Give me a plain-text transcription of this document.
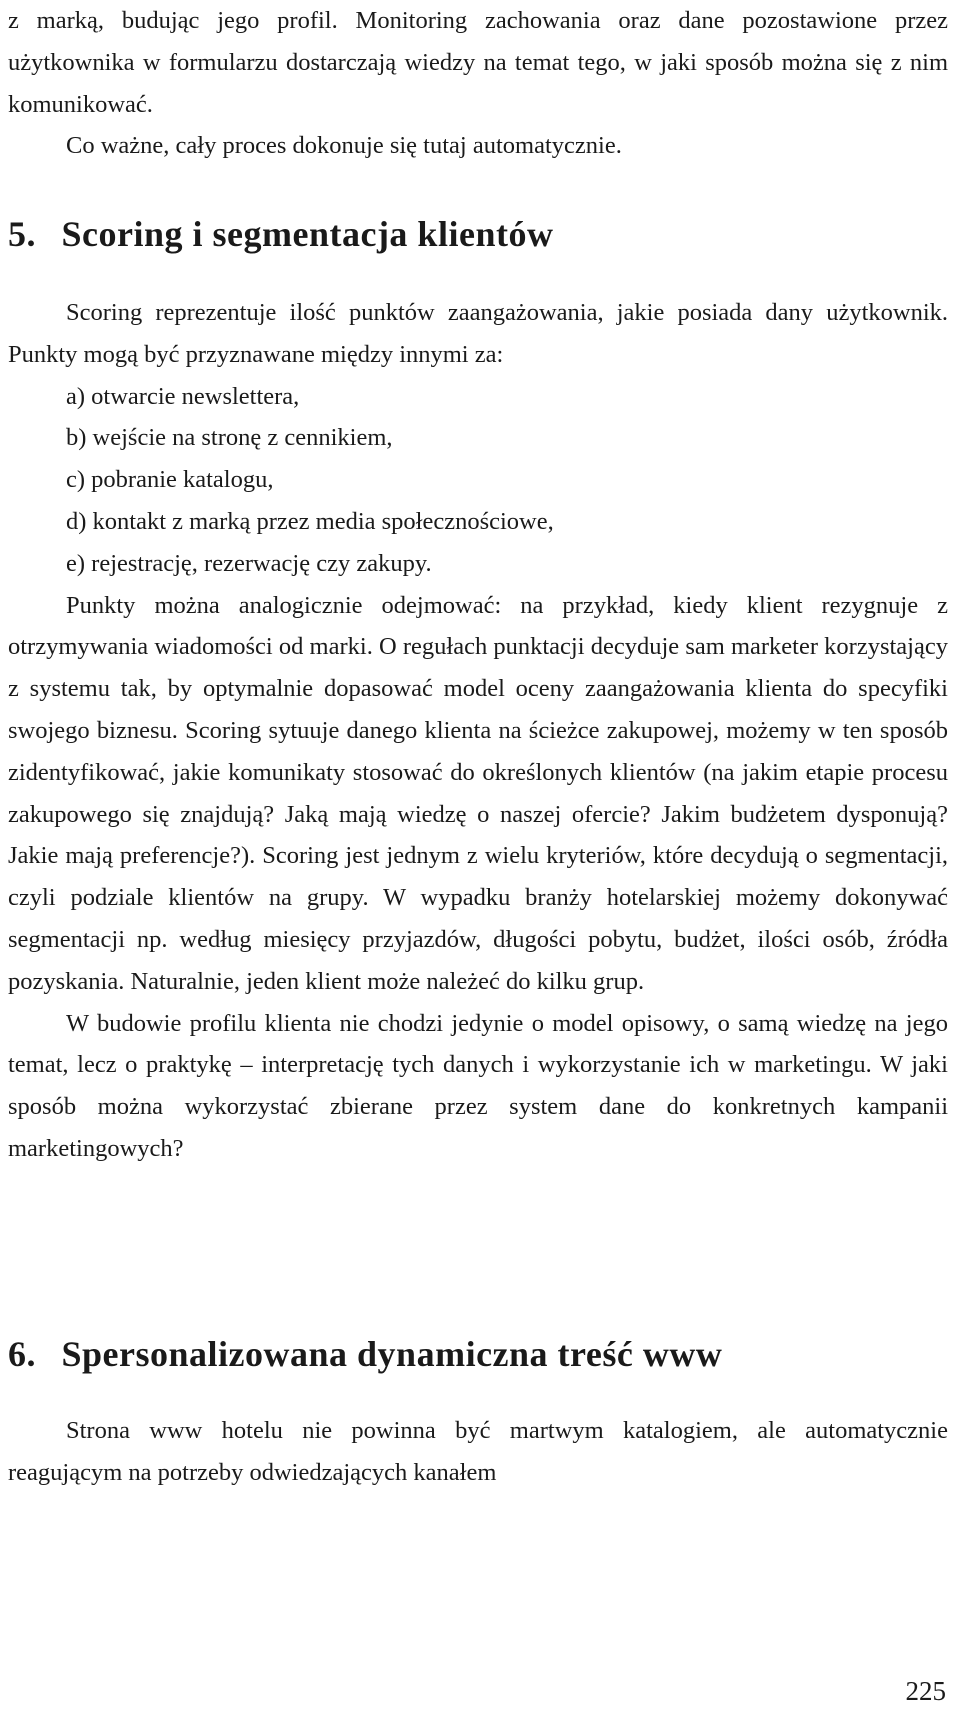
z marką, budując jego profil. Monitoring zachowania oraz dane pozostawione przez użytkownika w formularzu dostarczają wiedzy na temat tego, w jaki sposób można się z nim komunikować.

Co ważne, cały proces dokonuje się tutaj automatycznie.

5. Scoring i segmentacja klientów

Scoring reprezentuje ilość punktów zaangażowania, jakie posiada dany użytkownik. Punkty mogą być przyznawane między innymi za:

a) otwarcie newslettera,
b) wejście na stronę z cennikiem,
c) pobranie katalogu,
d) kontakt z marką przez media społecznościowe,
e) rejestrację, rezerwację czy zakupy.

Punkty można analogicznie odejmować: na przykład, kiedy klient rezygnuje z otrzymywania wiadomości od marki. O regułach punktacji decyduje sam marketer korzystający z systemu tak, by optymalnie dopasować model oceny zaangażowania klienta do specyfiki swojego biznesu. Scoring sytuuje danego klienta na ścieżce zakupowej, możemy w ten sposób zidentyfikować, jakie komunikaty stosować do określonych klientów (na jakim etapie procesu zakupowego się znajdują? Jaką mają wiedzę o naszej ofercie? Jakim budżetem dysponują? Jakie mają preferencje?). Scoring jest jednym z wielu kryteriów, które decydują o segmentacji, czyli podziale klientów na grupy. W wypadku branży hotelarskiej możemy dokonywać segmentacji np. według miesięcy przyjazdów, długości pobytu, budżet, ilości osób, źródła pozyskania. Naturalnie, jeden klient może należeć do kilku grup.

W budowie profilu klienta nie chodzi jedynie o model opisowy, o samą wiedzę na jego temat, lecz o praktykę – interpretację tych danych i wykorzystanie ich w marketingu. W jaki sposób można wykorzystać zbierane przez system dane do konkretnych kampanii marketingowych?

6. Spersonalizowana dynamiczna treść www

Strona www hotelu nie powinna być martwym katalogiem, ale automatycznie reagującym na potrzeby odwiedzających kanałem

225
